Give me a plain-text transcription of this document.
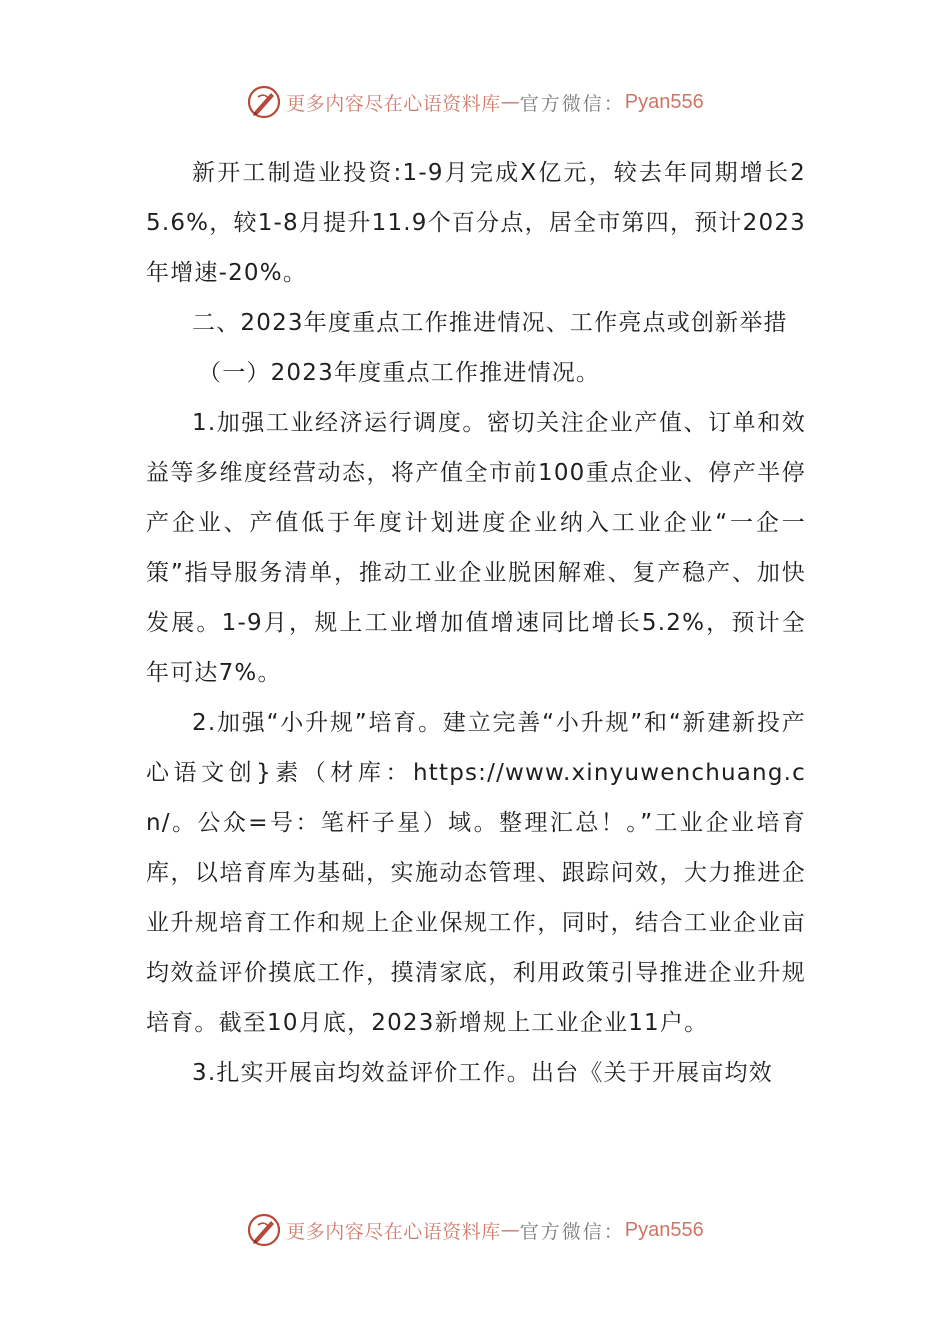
更多内容尽在心语资料库 — 官方微信： Pyan556

新开工制造业投资:1-9月完成X亿元，较去年同期增长25.6%，较1-8月提升11.9个百分点，居全市第四，预计2023年增速-20%。

二、2023年度重点工作推进情况、工作亮点或创新举措

（一）2023年度重点工作推进情况。

1.加强工业经济运行调度。密切关注企业产值、订单和效益等多维度经营动态，将产值全市前100重点企业、停产半停产企业、产值低于年度计划进度企业纳入工业企业“一企一策”指导服务清单，推动工业企业脱困解难、复产稳产、加快发展。1-9月，规上工业增加值增速同比增长5.2%，预计全年可达7%。

2.加强“小升规”培育。建立完善“小升规”和“新建新投产心语文创}素（材库：https://www.xinyuwenchuang.cn/。公众=号：笔杆子星）域。整理汇总！。”工业企业培育库，以培育库为基础，实施动态管理、跟踪问效，大力推进企业升规培育工作和规上企业保规工作，同时，结合工业企业亩均效益评价摸底工作，摸清家底，利用政策引导推进企业升规培育。截至10月底，2023新增规上工业企业11户。

3.扎实开展亩均效益评价工作。出台《关于开展亩均效

更多内容尽在心语资料库 — 官方微信： Pyan556
